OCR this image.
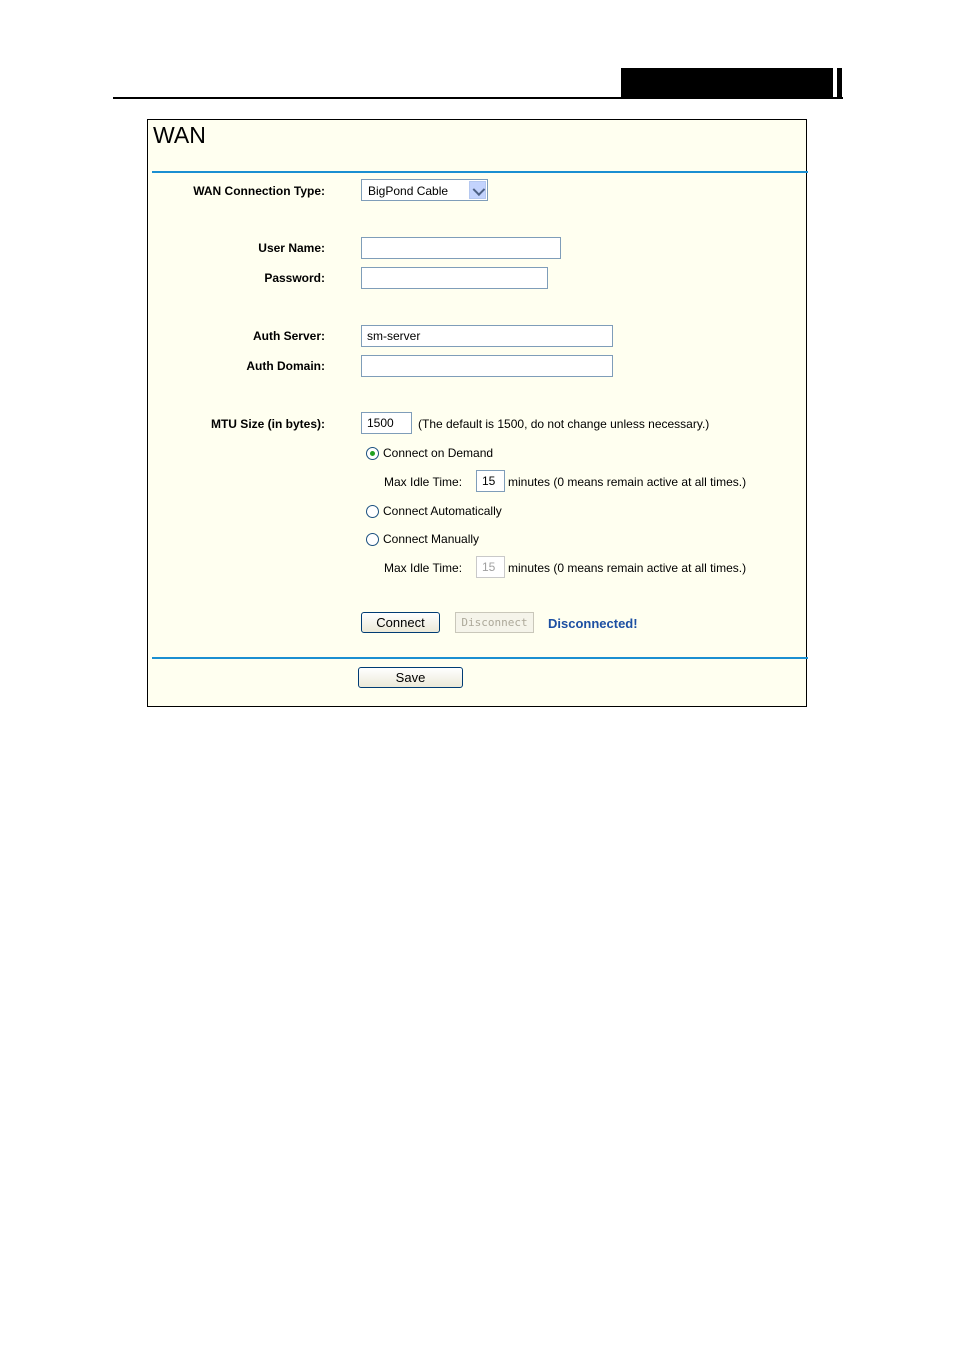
WAN
WAN Connection Type:	BigPond Cable
User Name:
Password:
Auth Server:	sm-server
Auth Domain:
MTU Size (in bytes):	1500	(The default is 1500, do not change unless necessary.)
Connect on Demand
Max Idle Time:	15	minutes (0 means remain active at all times.)
Connect Automatically
Connect Manually
Max Idle Time:	15	minutes (0 means remain active at all times.)
Connect	Disconnect	Disconnected!
Save
